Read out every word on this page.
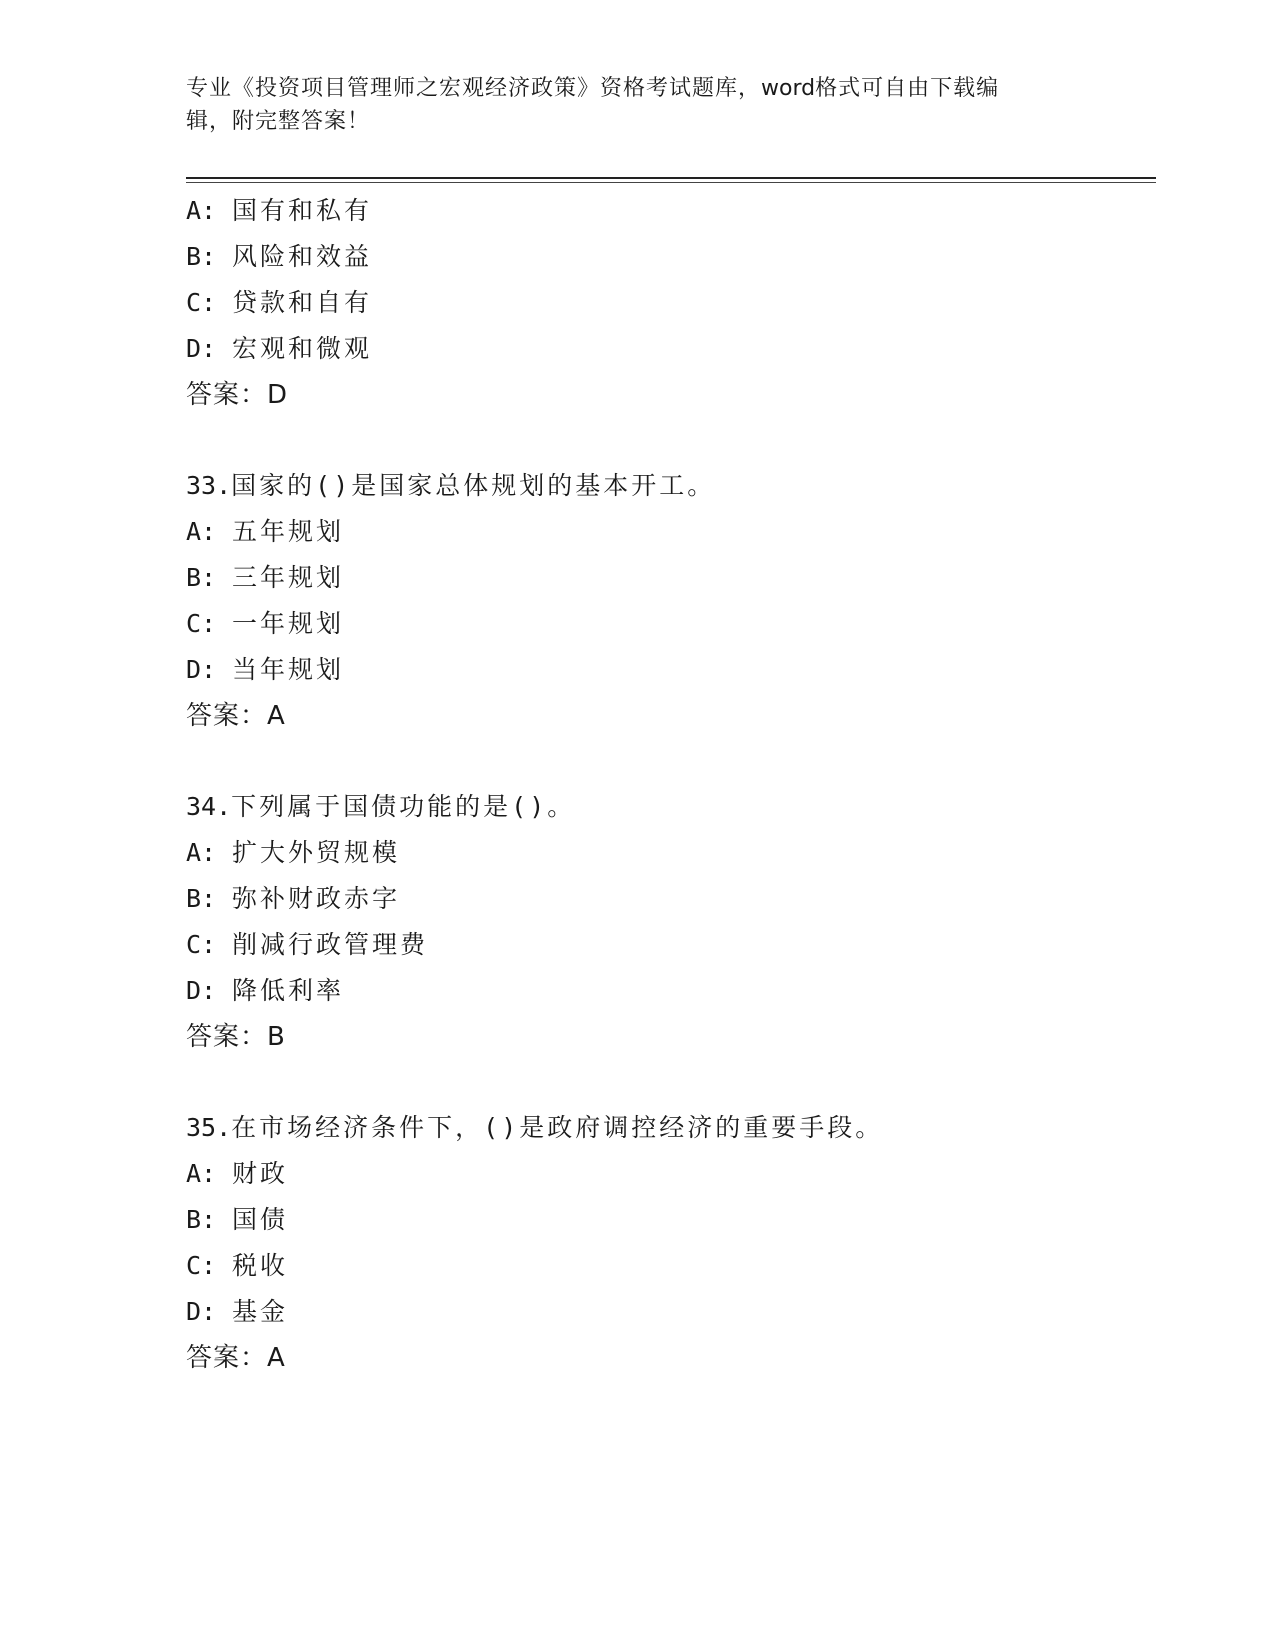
专业《投资项目管理师之宏观经济政策》资格考试题库，word格式可自由下载编
辑，附完整答案！
A: 国有和私有
B: 风险和效益
C: 贷款和自有
D: 宏观和微观
答案：D
33.国家的()是国家总体规划的基本开工。
A: 五年规划
B: 三年规划
C: 一年规划
D: 当年规划
答案：A
34.下列属于国债功能的是()。
A: 扩大外贸规模
B: 弥补财政赤字
C: 削减行政管理费
D: 降低利率
答案：B
35.在市场经济条件下，()是政府调控经济的重要手段。
A: 财政
B: 国债
C: 税收
D: 基金
答案：A
